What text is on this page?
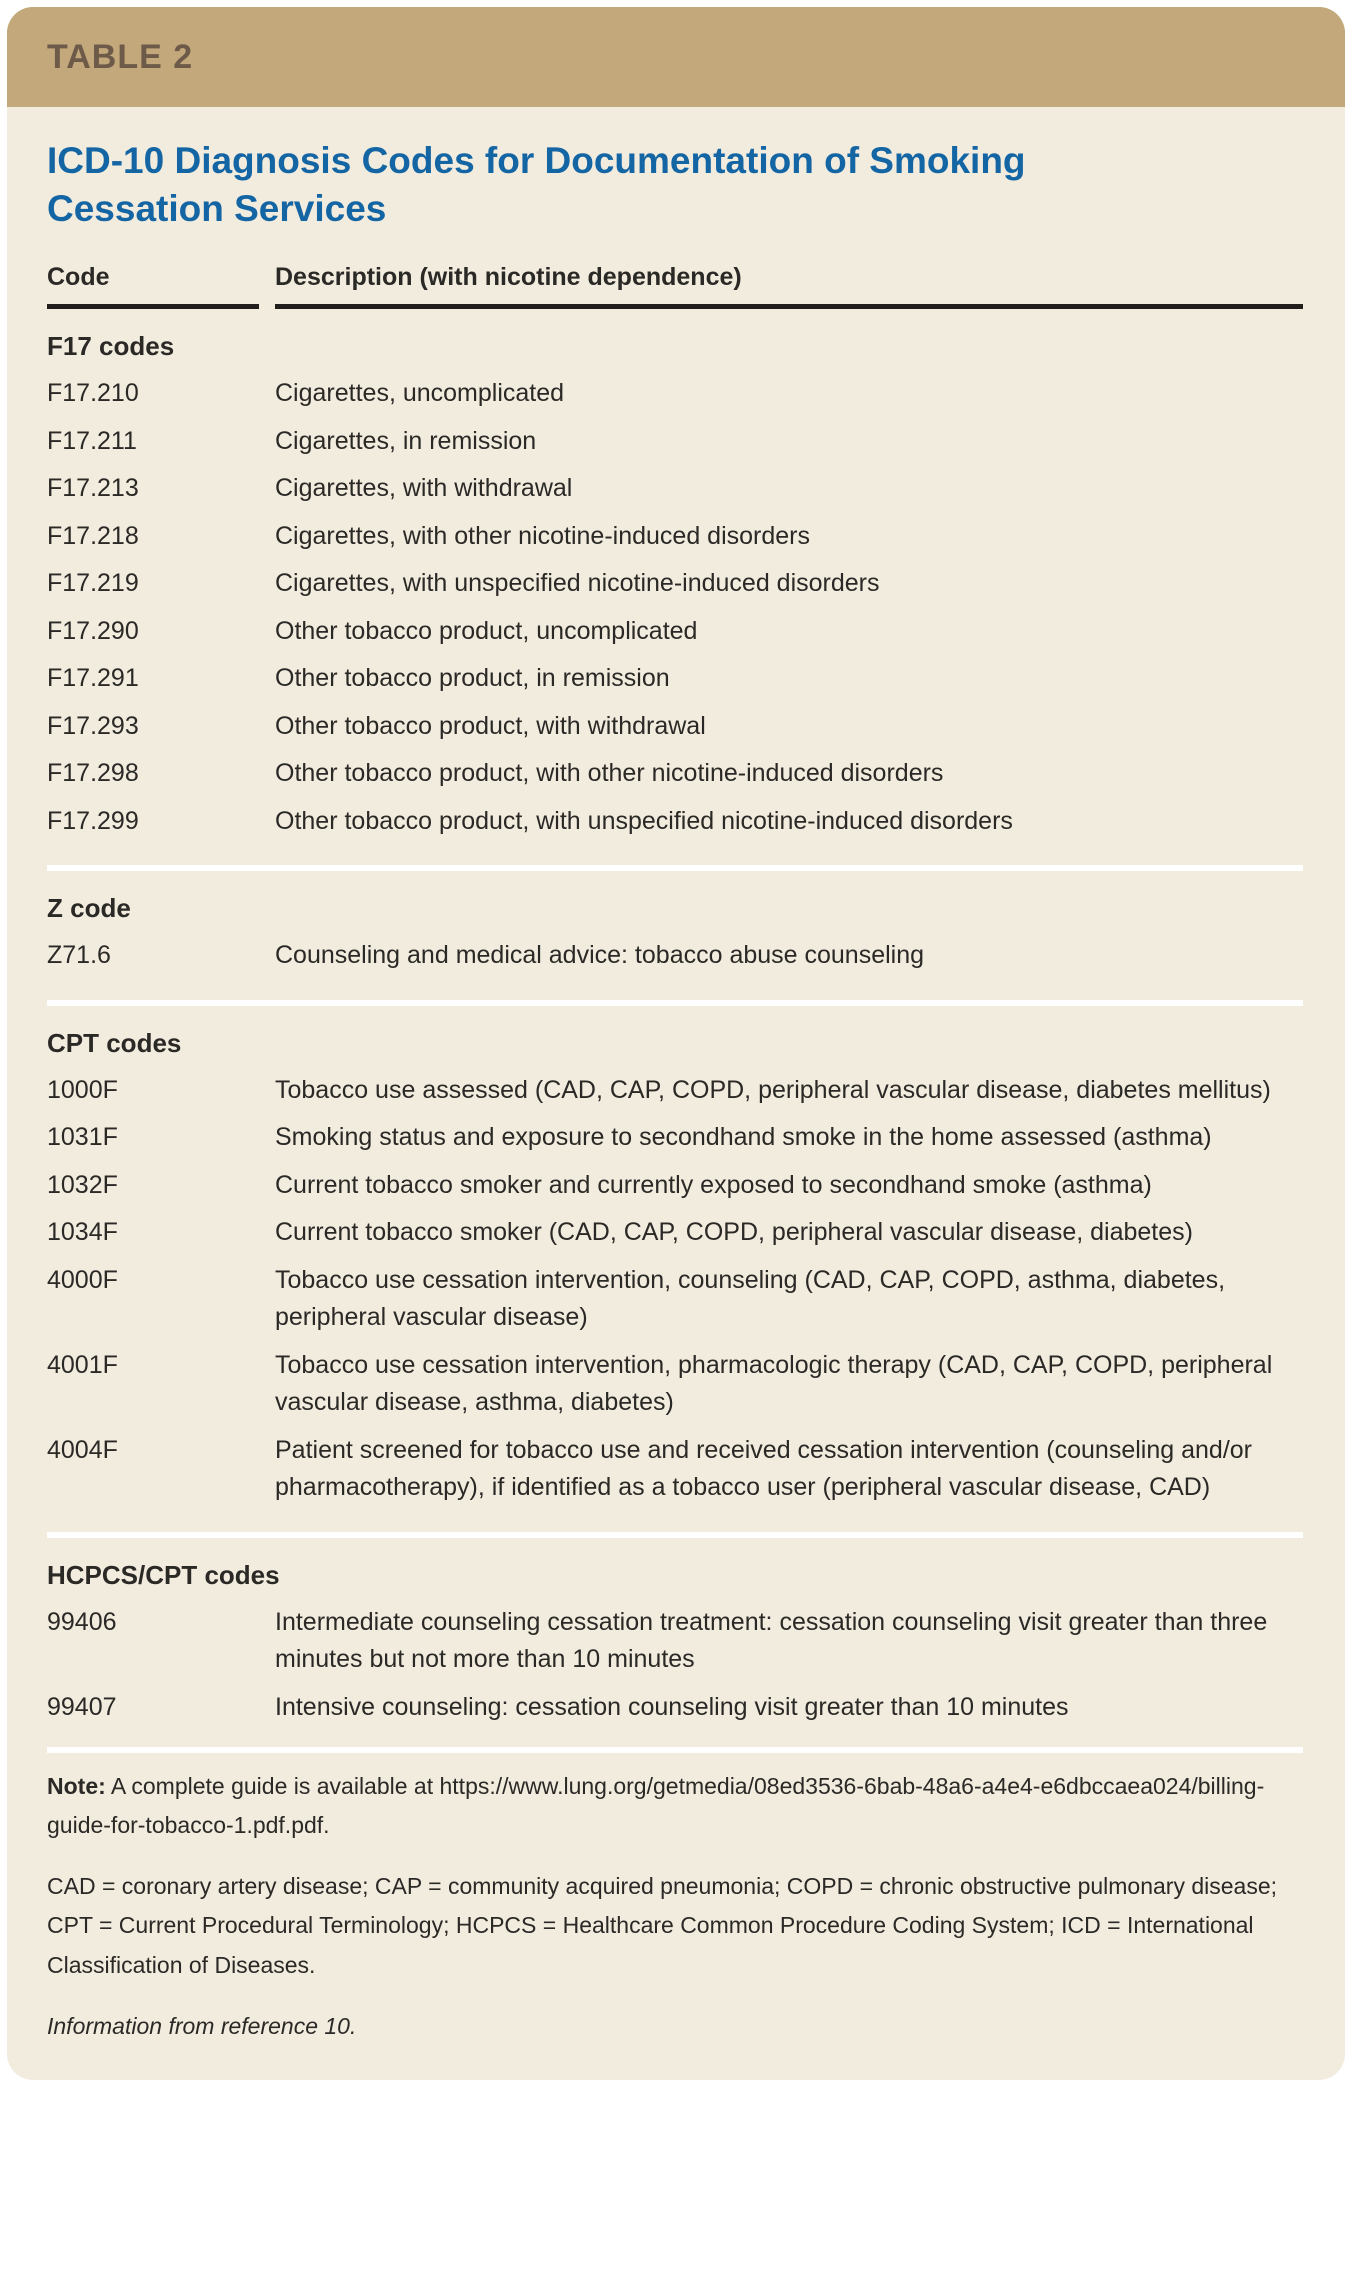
TABLE 2
ICD-10 Diagnosis Codes for Documentation of Smoking Cessation Services
Code	Description (with nicotine dependence)
F17 codes
F17.210	Cigarettes, uncomplicated
F17.211	Cigarettes, in remission
F17.213	Cigarettes, with withdrawal
F17.218	Cigarettes, with other nicotine-induced disorders
F17.219	Cigarettes, with unspecified nicotine-induced disorders
F17.290	Other tobacco product, uncomplicated
F17.291	Other tobacco product, in remission
F17.293	Other tobacco product, with withdrawal
F17.298	Other tobacco product, with other nicotine-induced disorders
F17.299	Other tobacco product, with unspecified nicotine-induced disorders
Z code
Z71.6	Counseling and medical advice: tobacco abuse counseling
CPT codes
1000F	Tobacco use assessed (CAD, CAP, COPD, peripheral vascular disease, diabetes mellitus)
1031F	Smoking status and exposure to secondhand smoke in the home assessed (asthma)
1032F	Current tobacco smoker and currently exposed to secondhand smoke (asthma)
1034F	Current tobacco smoker (CAD, CAP, COPD, peripheral vascular disease, diabetes)
4000F	Tobacco use cessation intervention, counseling (CAD, CAP, COPD, asthma, diabetes, peripheral vascular disease)
4001F	Tobacco use cessation intervention, pharmacologic therapy (CAD, CAP, COPD, peripheral vascular disease, asthma, diabetes)
4004F	Patient screened for tobacco use and received cessation intervention (counseling and/or pharmacotherapy), if identified as a tobacco user (peripheral vascular disease, CAD)
HCPCS/CPT codes
99406	Intermediate counseling cessation treatment: cessation counseling visit greater than three minutes but not more than 10 minutes
99407	Intensive counseling: cessation counseling visit greater than 10 minutes

Note: A complete guide is available at https://www.lung.org/getmedia/08ed3536-6bab-48a6-a4e4-e6dbccaea024/billing-guide-for-tobacco-1.pdf.pdf.

CAD = coronary artery disease; CAP = community acquired pneumonia; COPD = chronic obstructive pulmonary disease; CPT = Current Procedural Terminology; HCPCS = Healthcare Common Procedure Coding System; ICD = International Classification of Diseases.

Information from reference 10.
